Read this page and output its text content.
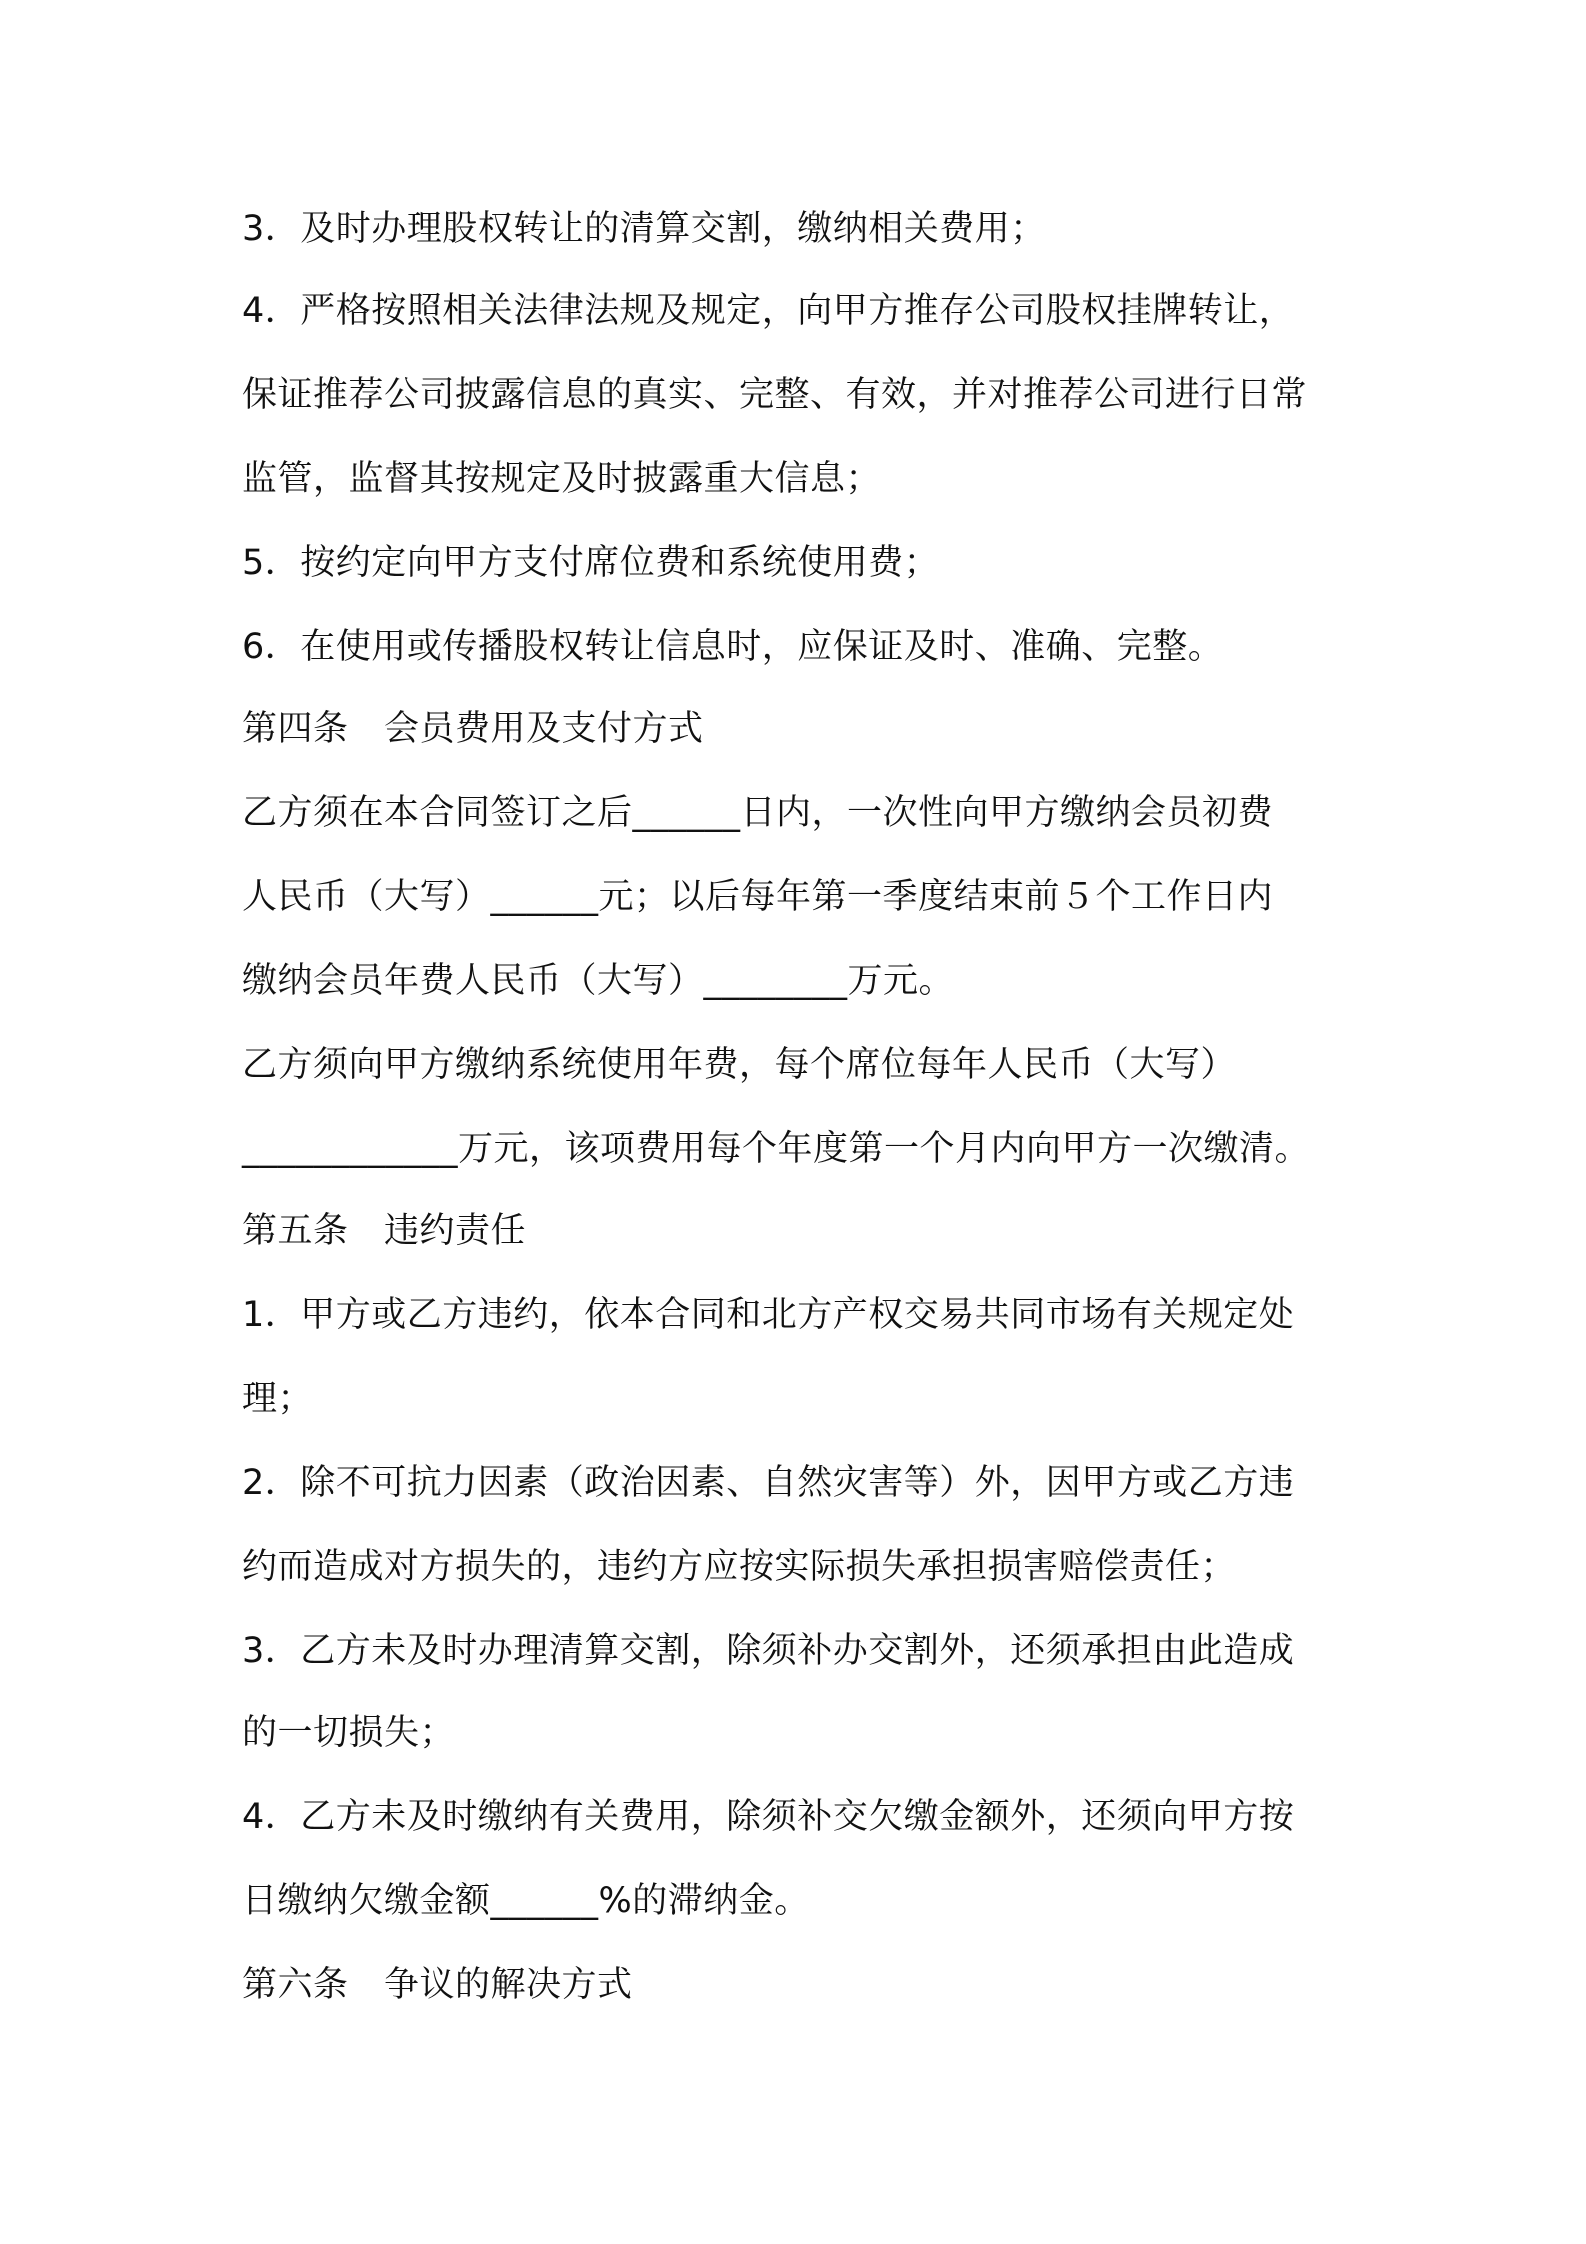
3．及时办理股权转让的清算交割，缴纳相关费用；
4．严格按照相关法律法规及规定，向甲方推存公司股权挂牌转让，
保证推荐公司披露信息的真实、完整、有效，并对推荐公司进行日常
监管，监督其按规定及时披露重大信息；
5．按约定向甲方支付席位费和系统使用费；
6．在使用或传播股权转让信息时，应保证及时、准确、完整。
第四条　会员费用及支付方式
乙方须在本合同签订之后______日内，一次性向甲方缴纳会员初费
人民币（大写）______元；以后每年第一季度结束前５个工作日内
缴纳会员年费人民币（大写）________万元。
乙方须向甲方缴纳系统使用年费，每个席位每年人民币（大写）
____________万元，该项费用每个年度第一个月内向甲方一次缴清。
第五条　违约责任
1．甲方或乙方违约，依本合同和北方产权交易共同市场有关规定处
理；
2．除不可抗力因素（政治因素、自然灾害等）外，因甲方或乙方违
约而造成对方损失的，违约方应按实际损失承担损害赔偿责任；
3．乙方未及时办理清算交割，除须补办交割外，还须承担由此造成
的一切损失；
4．乙方未及时缴纳有关费用，除须补交欠缴金额外，还须向甲方按
日缴纳欠缴金额______%的滞纳金。
第六条　争议的解决方式
